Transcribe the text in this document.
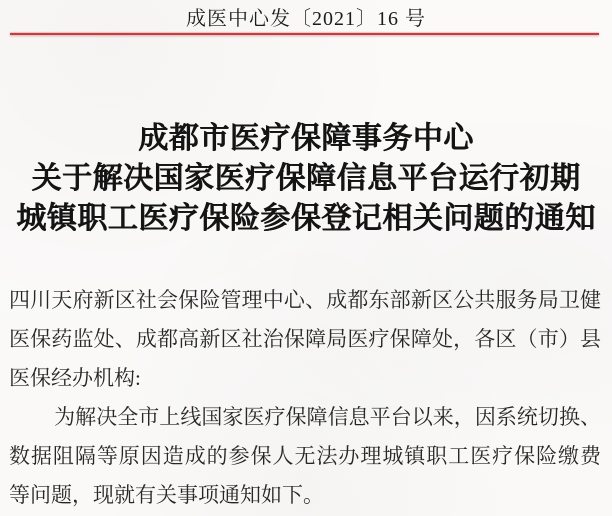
成医中心发〔2021〕16 号
成都市医疗保障事务中心
关于解决国家医疗保障信息平台运行初期
城镇职工医疗保险参保登记相关问题的通知
四川天府新区社会保险管理中心、成都东部新区公共服务局卫健
医保药监处、成都高新区社治保障局医疗保障处，各区（市）县
医保经办机构:
为解决全市上线国家医疗保障信息平台以来，因系统切换、
数据阻隔等原因造成的参保人无法办理城镇职工医疗保险缴费
等问题，现就有关事项通知如下。
